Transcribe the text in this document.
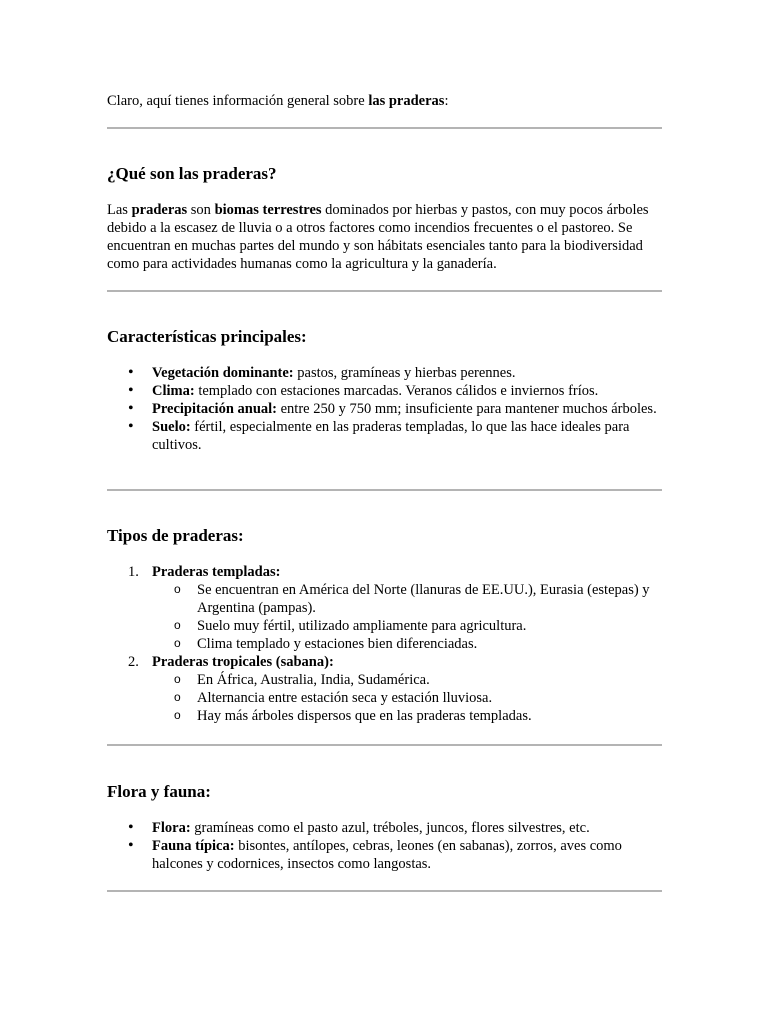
Claro, aquí tienes información general sobre las praderas:

¿Qué son las praderas?

Las praderas son biomas terrestres dominados por hierbas y pastos, con muy pocos árboles debido a la escasez de lluvia o a otros factores como incendios frecuentes o el pastoreo. Se encuentran en muchas partes del mundo y son hábitats esenciales tanto para la biodiversidad como para actividades humanas como la agricultura y la ganadería.

Características principales:
• Vegetación dominante: pastos, gramíneas y hierbas perennes.
• Clima: templado con estaciones marcadas. Veranos cálidos e inviernos fríos.
• Precipitación anual: entre 250 y 750 mm; insuficiente para mantener muchos árboles.
• Suelo: fértil, especialmente en las praderas templadas, lo que las hace ideales para cultivos.
Tipos de praderas:
1. Praderas templadas:
o Se encuentran en América del Norte (llanuras de EE.UU.), Eurasia (estepas) y Argentina (pampas).
o Suelo muy fértil, utilizado ampliamente para agricultura.
o Clima templado y estaciones bien diferenciadas.
2. Praderas tropicales (sabana):
o En África, Australia, India, Sudamérica.
o Alternancia entre estación seca y estación lluviosa.
o Hay más árboles dispersos que en las praderas templadas.
Flora y fauna:
• Flora: gramíneas como el pasto azul, tréboles, juncos, flores silvestres, etc.
• Fauna típica: bisontes, antílopes, cebras, leones (en sabanas), zorros, aves como halcones y codornices, insectos como langostas.
